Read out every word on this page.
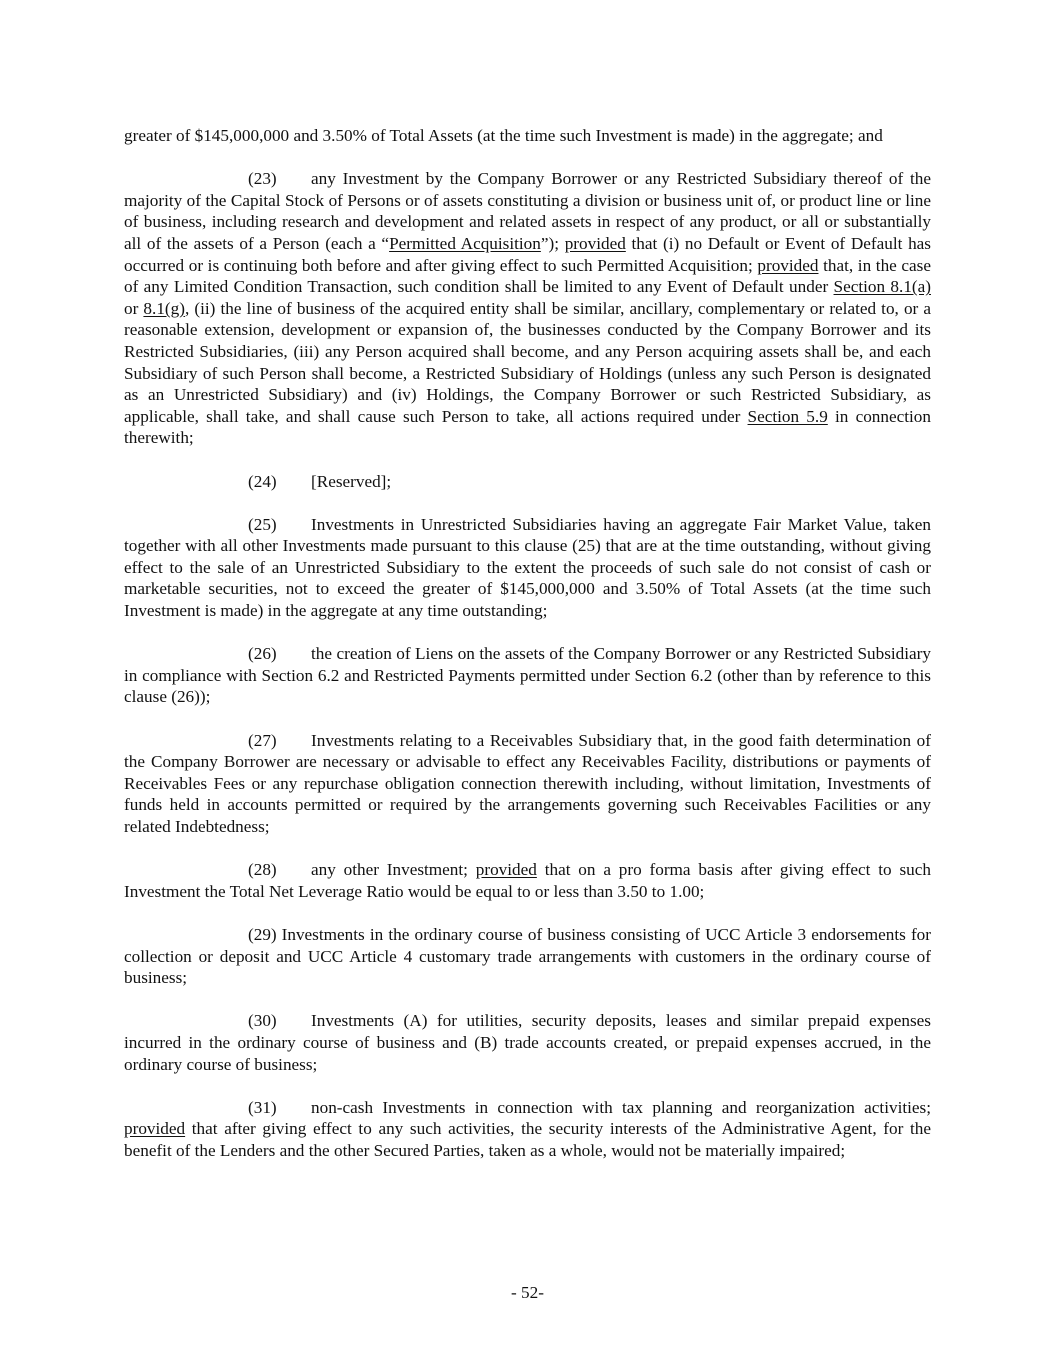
greater of $145,000,000 and 3.50% of Total Assets (at the time such Investment is made) in the aggregate; and

(23) any Investment by the Company Borrower or any Restricted Subsidiary thereof of the majority of the Capital Stock of Persons or of assets constituting a division or business unit of, or product line or line of business, including research and development and related assets in respect of any product, or all or substantially all of the assets of a Person (each a “Permitted Acquisition”); provided that (i) no Default or Event of Default has occurred or is continuing both before and after giving effect to such Permitted Acquisition; provided that, in the case of any Limited Condition Transaction, such condition shall be limited to any Event of Default under Section 8.1(a) or 8.1(g), (ii) the line of business of the acquired entity shall be similar, ancillary, complementary or related to, or a reasonable extension, development or expansion of, the businesses conducted by the Company Borrower and its Restricted Subsidiaries, (iii) any Person acquired shall become, and any Person acquiring assets shall be, and each Subsidiary of such Person shall become, a Restricted Subsidiary of Holdings (unless any such Person is designated as an Unrestricted Subsidiary) and (iv) Holdings, the Company Borrower or such Restricted Subsidiary, as applicable, shall take, and shall cause such Person to take, all actions required under Section 5.9 in connection therewith;

(24) [Reserved];

(25) Investments in Unrestricted Subsidiaries having an aggregate Fair Market Value, taken together with all other Investments made pursuant to this clause (25) that are at the time outstanding, without giving effect to the sale of an Unrestricted Subsidiary to the extent the proceeds of such sale do not consist of cash or marketable securities, not to exceed the greater of $145,000,000 and 3.50% of Total Assets (at the time such Investment is made) in the aggregate at any time outstanding;

(26) the creation of Liens on the assets of the Company Borrower or any Restricted Subsidiary in compliance with Section 6.2 and Restricted Payments permitted under Section 6.2 (other than by reference to this clause (26));

(27) Investments relating to a Receivables Subsidiary that, in the good faith determination of the Company Borrower are necessary or advisable to effect any Receivables Facility, distributions or payments of Receivables Fees or any repurchase obligation connection therewith including, without limitation, Investments of funds held in accounts permitted or required by the arrangements governing such Receivables Facilities or any related Indebtedness;

(28) any other Investment; provided that on a pro forma basis after giving effect to such Investment the Total Net Leverage Ratio would be equal to or less than 3.50 to 1.00;

(29) Investments in the ordinary course of business consisting of UCC Article 3 endorsements for collection or deposit and UCC Article 4 customary trade arrangements with customers in the ordinary course of business;

(30) Investments (A) for utilities, security deposits, leases and similar prepaid expenses incurred in the ordinary course of business and (B) trade accounts created, or prepaid expenses accrued, in the ordinary course of business;

(31) non-cash Investments in connection with tax planning and reorganization activities; provided that after giving effect to any such activities, the security interests of the Administrative Agent, for the benefit of the Lenders and the other Secured Parties, taken as a whole, would not be materially impaired;

- 52-
